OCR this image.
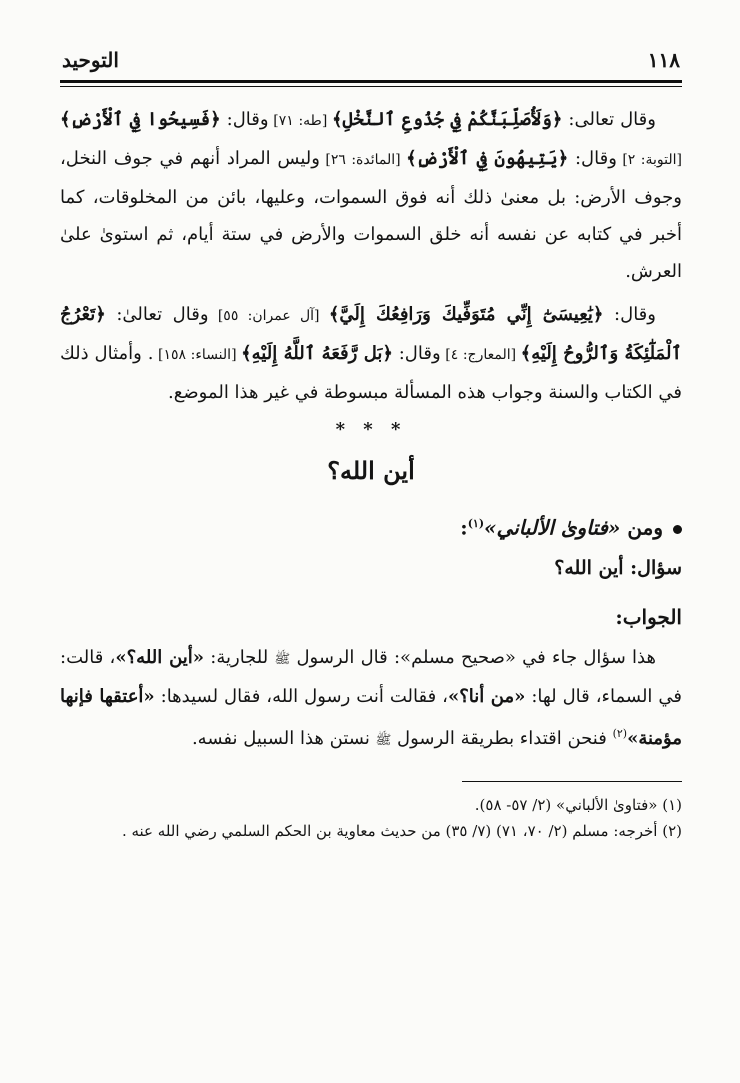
١١٨
التوحيد

وقال تعالى: ﴿وَلَأُصَلِّبَنَّكُمْ فِي جُذُوعِ ٱلنَّخْلِ﴾ [طه: ٧١] وقال: ﴿فَسِيحُوا فِي ٱلْأَرْضِ﴾ [التوبة: ٢] وقال: ﴿يَتِيهُونَ فِي ٱلْأَرْضِ﴾ [المائدة: ٢٦] وليس المراد أنهم في جوف النخل، وجوف الأرض: بل معنىٰ ذلك أنه فوق السموات، وعليها، بائن من المخلوقات، كما أخبر في كتابه عن نفسه أنه خلق السموات والأرض في ستة أيام، ثم استوىٰ علىٰ العرش.

وقال: ﴿يَٰعِيسَىٰٓ إِنِّي مُتَوَفِّيكَ وَرَافِعُكَ إِلَيَّ﴾ [آل عمران: ٥٥] وقال تعالىٰ: ﴿تَعْرُجُ ٱلْمَلَٰٓئِكَةُ وَٱلرُّوحُ إِلَيْهِ﴾ [المعارج: ٤] وقال: ﴿بَل رَّفَعَهُ ٱللَّهُ إِلَيْهِ﴾ [النساء: ١٥٨] . وأمثال ذلك في الكتاب والسنة وجواب هذه المسألة مبسوطة في غير هذا الموضع.

* * *
أين الله؟
ومن «فتاوىٰ الألباني»$^{(١)}$:
سؤال: أين الله؟
الجواب:

هذا سؤال جاء في «صحيح مسلم»: قال الرسول ﷺ للجارية: «أين الله؟»، قالت: في السماء، قال لها: «من أنا؟»، فقالت أنت رسول الله، فقال لسيدها: «أعتقها فإنها مؤمنة»$^{(٢)}$ فنحن اقتداء بطريقة الرسول ﷺ نستن هذا السبيل نفسه.

(١) «فتاوىٰ الألباني» (٢/ ٥٧- ٥٨).

(٢) أخرجه: مسلم (٢/ ٧٠، ٧١) (٧/ ٣٥) من حديث معاوية بن الحكم السلمي رضي الله عنه .
